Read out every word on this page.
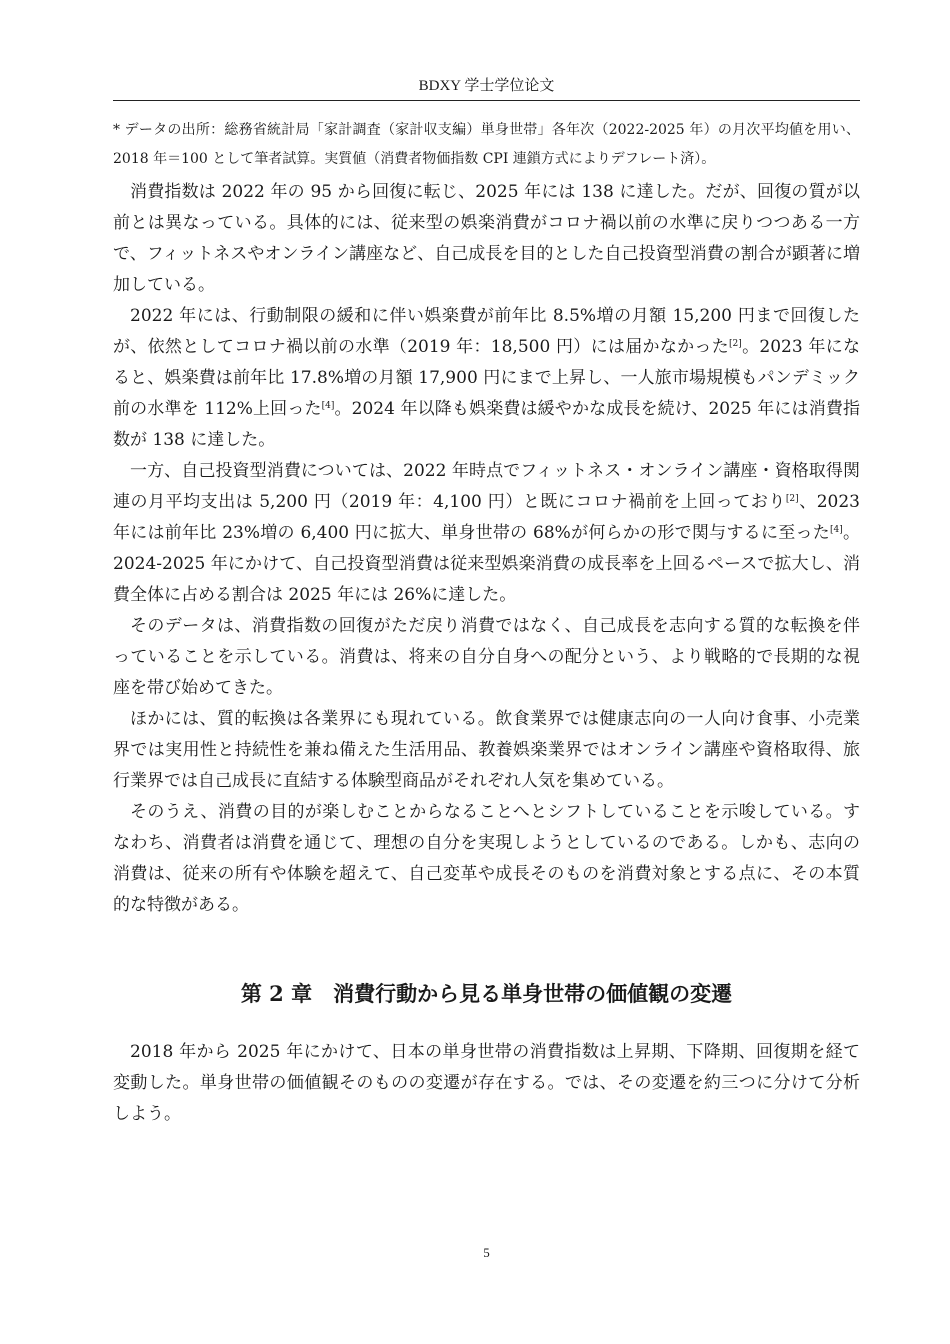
BDXY 学士学位论文

* データの出所：総務省統計局「家計調査（家計収支編）単身世帯」各年次（2022-2025 年）の月次平均値を用い、2018 年＝100 として筆者試算。実質値（消費者物価指数 CPI 連鎖方式によりデフレート済）。

消費指数は 2022 年の 95 から回復に転じ、2025 年には 138 に達した。だが、回復の質が以前とは異なっている。具体的には、従来型の娯楽消費がコロナ禍以前の水準に戻りつつある一方で、フィットネスやオンライン講座など、自己成長を目的とした自己投資型消費の割合が顕著に増加している。

2022 年には、行動制限の緩和に伴い娯楽費が前年比 8.5%増の月額 15,200 円まで回復したが、依然としてコロナ禍以前の水準（2019 年：18,500 円）には届かなかった[2]。2023 年になると、娯楽費は前年比 17.8%増の月額 17,900 円にまで上昇し、一人旅市場規模もパンデミック前の水準を 112%上回った[4]。2024 年以降も娯楽費は緩やかな成長を続け、2025 年には消費指数が 138 に達した。

一方、自己投資型消費については、2022 年時点でフィットネス・オンライン講座・資格取得関連の月平均支出は 5,200 円（2019 年：4,100 円）と既にコロナ禍前を上回っており[2]、2023 年には前年比 23%増の 6,400 円に拡大、単身世帯の 68%が何らかの形で関与するに至った[4]。2024-2025 年にかけて、自己投資型消費は従来型娯楽消費の成長率を上回るペースで拡大し、消費全体に占める割合は 2025 年には 26%に達した。

そのデータは、消費指数の回復がただ戻り消費ではなく、自己成長を志向する質的な転換を伴っていることを示している。消費は、将来の自分自身への配分という、より戦略的で長期的な視座を帯び始めてきた。

ほかには、質的転換は各業界にも現れている。飲食業界では健康志向の一人向け食事、小売業界では実用性と持続性を兼ね備えた生活用品、教養娯楽業界ではオンライン講座や資格取得、旅行業界では自己成長に直結する体験型商品がそれぞれ人気を集めている。

そのうえ、消費の目的が楽しむことからなることへとシフトしていることを示唆している。すなわち、消費者は消費を通じて、理想の自分を実現しようとしているのである。しかも、志向の消費は、従来の所有や体験を超えて、自己変革や成長そのものを消費対象とする点に、その本質的な特徴がある。

第 2 章　消費行動から見る単身世帯の価値観の変遷

2018 年から 2025 年にかけて、日本の単身世帯の消費指数は上昇期、下降期、回復期を経て変動した。単身世帯の価値観そのものの変遷が存在する。では、その変遷を約三つに分けて分析しよう。

5
